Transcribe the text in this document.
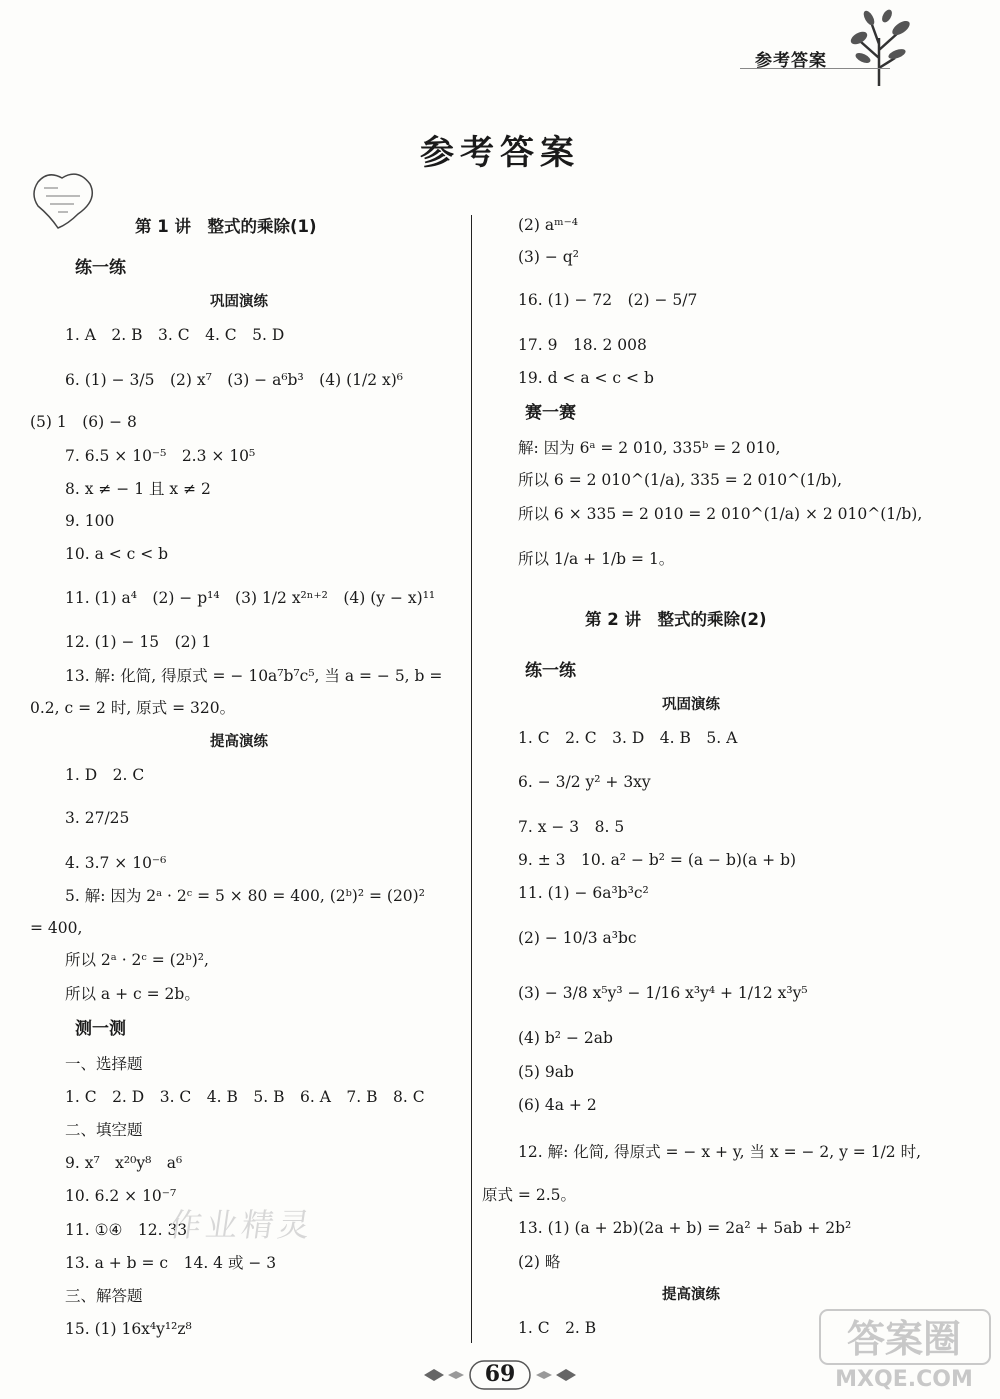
参考答案
参考答案
第 1 讲　整式的乘除(1)
练一练
巩固演练
1. A　2. B　3. C　4. C　5. D
6. (1) − 3/5　(2) x⁷　(3) − a⁶b³　(4) (1/2 x)⁶
(5) 1　(6) − 8
7. 6.5 × 10⁻⁵　2.3 × 10⁵
8. x ≠ − 1 且 x ≠ 2
9. 100
10. a < c < b
11. (1) a⁴　(2) − p¹⁴　(3) 1/2 x²ⁿ⁺²　(4) (y − x)¹¹
12. (1) − 15　(2) 1
13. 解: 化简, 得原式 = − 10a⁷b⁷c⁵, 当 a = − 5, b =
0.2, c = 2 时, 原式 = 320。
提高演练
1. D　2. C
3. 27/25
4. 3.7 × 10⁻⁶
5. 解: 因为 2ᵃ · 2ᶜ = 5 × 80 = 400, (2ᵇ)² = (20)²
= 400,
所以 2ᵃ · 2ᶜ = (2ᵇ)²,
所以 a + c = 2b。
测一测
一、选择题
1. C　2. D　3. C　4. B　5. B　6. A　7. B　8. C
二、填空题
9. x⁷　x²⁰y⁸　a⁶
10. 6.2 × 10⁻⁷
11. ①④　12. 33
13. a + b = c　14. 4 或 − 3
三、解答题
15. (1) 16x⁴y¹²z⁸
(2) aᵐ⁻⁴
(3) − q²
16. (1) − 72　(2) − 5/7
17. 9　18. 2 008
19. d < a < c < b
赛一赛
解: 因为 6ᵃ = 2 010, 335ᵇ = 2 010,
所以 6 = 2 010^(1/a), 335 = 2 010^(1/b),
所以 6 × 335 = 2 010 = 2 010^(1/a) × 2 010^(1/b),
所以 1/a + 1/b = 1。
第 2 讲　整式的乘除(2)
练一练
巩固演练
1. C　2. C　3. D　4. B　5. A
6. − 3/2 y² + 3xy
7. x − 3　8. 5
9. ± 3　10. a² − b² = (a − b)(a + b)
11. (1) − 6a³b³c²
(2) − 10/3 a³bc
(3) − 3/8 x⁵y³ − 1/16 x³y⁴ + 1/12 x³y⁵
(4) b² − 2ab
(5) 9ab
(6) 4a + 2
12. 解: 化简, 得原式 = − x + y, 当 x = − 2, y = 1/2 时,
原式 = 2.5。
13. (1) (a + 2b)(2a + b) = 2a² + 5ab + 2b²
(2) 略
提高演练
1. C　2. B
作业精灵
答案圈
MXQE.COM
69
